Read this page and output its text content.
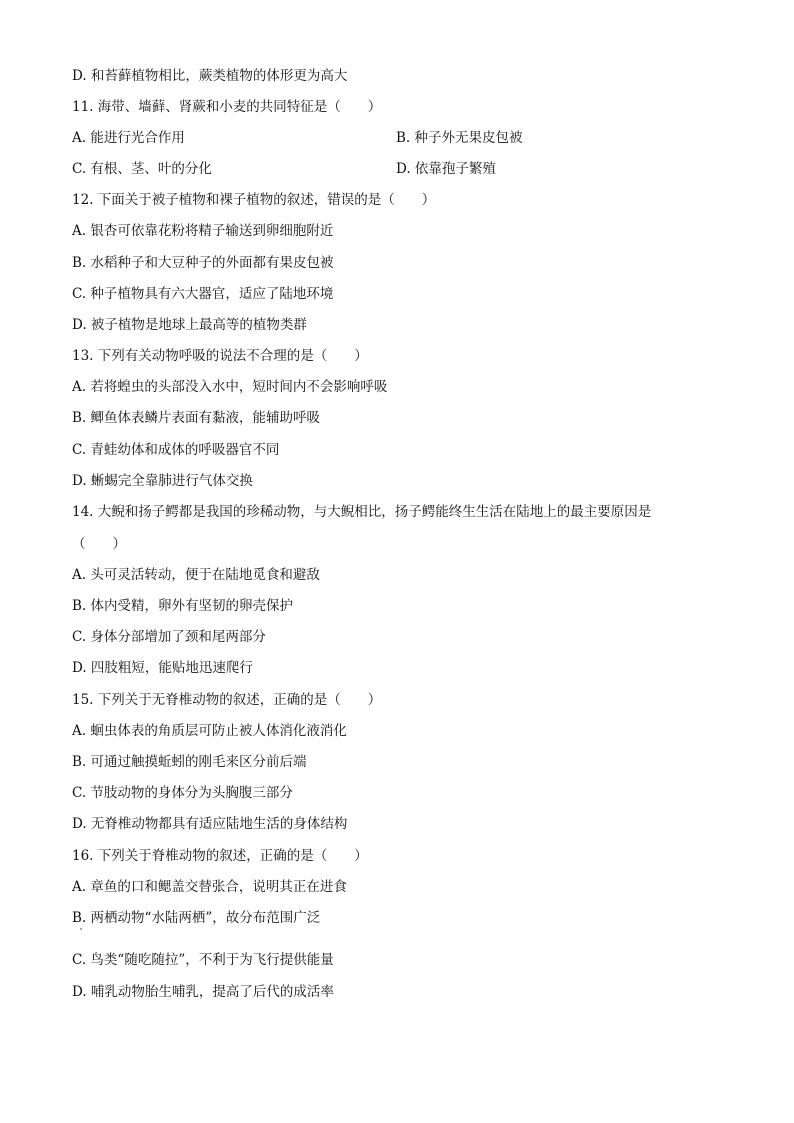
D. 和苔藓植物相比，蕨类植物的体形更为高大
11. 海带、墙藓、肾蕨和小麦的共同特征是（　　）
A. 能进行光合作用	B. 种子外无果皮包被
C. 有根、茎、叶的分化	D. 依靠孢子繁殖
12. 下面关于被子植物和裸子植物的叙述，错误的是（　　）
A. 银杏可依靠花粉将精子输送到卵细胞附近
B. 水稻种子和大豆种子的外面都有果皮包被
C. 种子植物具有六大器官，适应了陆地环境
D. 被子植物是地球上最高等的植物类群
13. 下列有关动物呼吸的说法不合理的是（　　）
A. 若将蝗虫的头部没入水中，短时间内不会影响呼吸
B. 鲫鱼体表鳞片表面有黏液，能辅助呼吸
C. 青蛙幼体和成体的呼吸器官不同
D. 蜥蜴完全靠肺进行气体交换
14. 大鲵和扬子鳄都是我国的珍稀动物，与大鲵相比，扬子鳄能终生生活在陆地上的最主要原因是
（　　）
A. 头可灵活转动，便于在陆地觅食和避敌
B. 体内受精，卵外有坚韧的卵壳保护
C. 身体分部增加了颈和尾两部分
D. 四肢粗短，能贴地迅速爬行
15. 下列关于无脊椎动物的叙述，正确的是（　　）
A. 蛔虫体表的角质层可防止被人体消化液消化
B. 可通过触摸蚯蚓的刚毛来区分前后端
C. 节肢动物的身体分为头胸腹三部分
D. 无脊椎动物都具有适应陆地生活的身体结构
16. 下列关于脊椎动物的叙述，正确的是（　　）
A. 章鱼的口和鳃盖交替张合，说明其正在进食
B. 两栖动物“水陆两栖”，故分布范围广泛
C. 鸟类“随吃随拉”，不利于为飞行提供能量
D. 哺乳动物胎生哺乳，提高了后代的成活率
